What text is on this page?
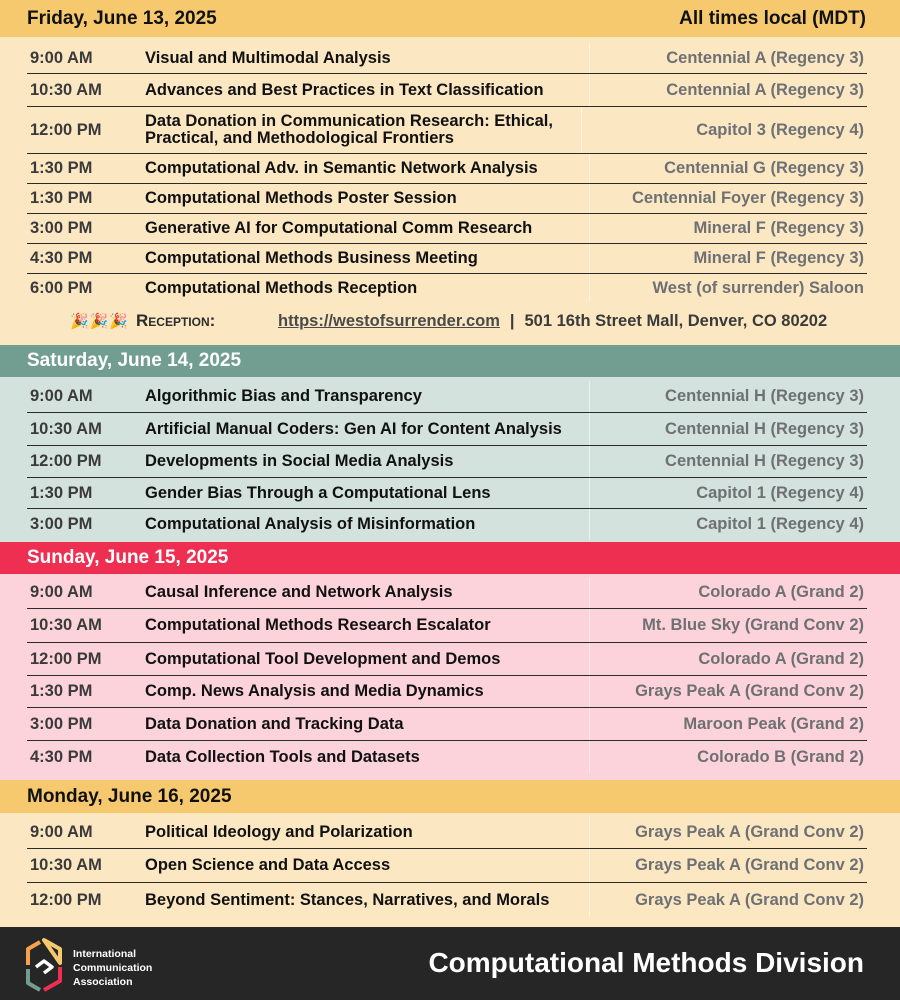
Friday, June 13, 2025	All times local (MDT)
9:00 AM	Visual and Multimodal Analysis	Centennial A (Regency 3)
10:30 AM	Advances and Best Practices in Text Classification	Centennial A (Regency 3)
12:00 PM	Data Donation in Communication Research: Ethical, Practical, and Methodological Frontiers	Capitol 3 (Regency 4)
1:30 PM	Computational Adv. in Semantic Network Analysis	Centennial G (Regency 3)
1:30 PM	Computational Methods Poster Session	Centennial Foyer (Regency 3)
3:00 PM	Generative AI for Computational Comm Research	Mineral F (Regency 3)
4:30 PM	Computational Methods Business Meeting	Mineral F (Regency 3)
6:00 PM	Computational Methods Reception	West (of surrender) Saloon
🎉🎉🎉 Reception:	https://westofsurrender.com | 501 16th Street Mall, Denver, CO 80202
Saturday, June 14, 2025
9:00 AM	Algorithmic Bias and Transparency	Centennial H (Regency 3)
10:30 AM	Artificial Manual Coders: Gen AI for Content Analysis	Centennial H (Regency 3)
12:00 PM	Developments in Social Media Analysis	Centennial H (Regency 3)
1:30 PM	Gender Bias Through a Computational Lens	Capitol 1 (Regency 4)
3:00 PM	Computational Analysis of Misinformation	Capitol 1 (Regency 4)
Sunday, June 15, 2025
9:00 AM	Causal Inference and Network Analysis	Colorado A (Grand 2)
10:30 AM	Computational Methods Research Escalator	Mt. Blue Sky (Grand Conv 2)
12:00 PM	Computational Tool Development and Demos	Colorado A (Grand 2)
1:30 PM	Comp. News Analysis and Media Dynamics	Grays Peak A (Grand Conv 2)
3:00 PM	Data Donation and Tracking Data	Maroon Peak (Grand 2)
4:30 PM	Data Collection Tools and Datasets	Colorado B (Grand 2)
Monday, June 16, 2025
9:00 AM	Political Ideology and Polarization	Grays Peak A (Grand Conv 2)
10:30 AM	Open Science and Data Access	Grays Peak A (Grand Conv 2)
12:00 PM	Beyond Sentiment: Stances, Narratives, and Morals	Grays Peak A (Grand Conv 2)
International
Communication
Association
Computational Methods Division
